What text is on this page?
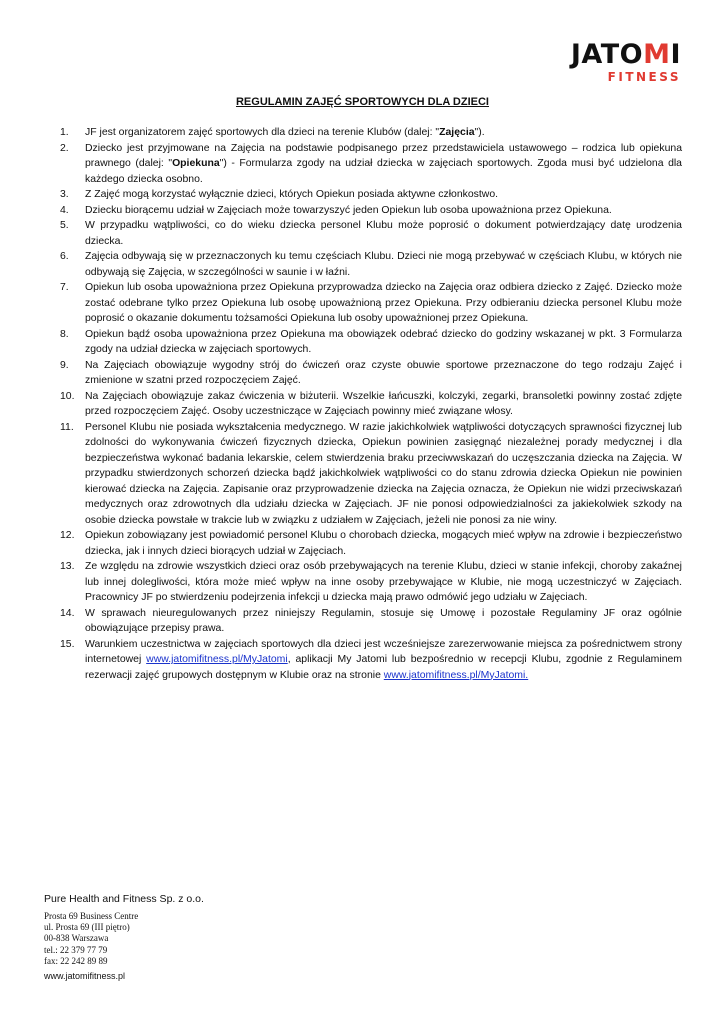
JATOMI
FITNESS
REGULAMIN ZAJĘĆ SPORTOWYCH DLA DZIECI
1. JF jest organizatorem zajęć sportowych dla dzieci na terenie Klubów (dalej: "Zajęcia").
2. Dziecko jest przyjmowane na Zajęcia na podstawie podpisanego przez przedstawiciela ustawowego – rodzica lub opiekuna prawnego (dalej: "Opiekuna") - Formularza zgody na udział dziecka w zajęciach sportowych. Zgoda musi być udzielona dla każdego dziecka osobno.
3. Z Zajęć mogą korzystać wyłącznie dzieci, których Opiekun posiada aktywne członkostwo.
4. Dziecku biorącemu udział w Zajęciach może towarzyszyć jeden Opiekun lub osoba upoważniona przez Opiekuna.
5. W przypadku wątpliwości, co do wieku dziecka personel Klubu może poprosić o dokument potwierdzający datę urodzenia dziecka.
6. Zajęcia odbywają się w przeznaczonych ku temu częściach Klubu. Dzieci nie mogą przebywać w częściach Klubu, w których nie odbywają się Zajęcia, w szczególności w saunie i w łaźni.
7. Opiekun lub osoba upoważniona przez Opiekuna przyprowadza dziecko na Zajęcia oraz odbiera dziecko z Zajęć. Dziecko może zostać odebrane tylko przez Opiekuna lub osobę upoważnioną przez Opiekuna. Przy odbieraniu dziecka personel Klubu może poprosić o okazanie dokumentu tożsamości Opiekuna lub osoby upoważnionej przez Opiekuna.
8. Opiekun bądź osoba upoważniona przez Opiekuna ma obowiązek odebrać dziecko do godziny wskazanej w pkt. 3 Formularza zgody na udział dziecka w zajęciach sportowych.
9. Na Zajęciach obowiązuje wygodny strój do ćwiczeń oraz czyste obuwie sportowe przeznaczone do tego rodzaju Zajęć i zmienione w szatni przed rozpoczęciem Zajęć.
10. Na Zajęciach obowiązuje zakaz ćwiczenia w biżuterii. Wszelkie łańcuszki, kolczyki, zegarki, bransoletki powinny zostać zdjęte przed rozpoczęciem Zajęć. Osoby uczestniczące w Zajęciach powinny mieć związane włosy.
11. Personel Klubu nie posiada wykształcenia medycznego. W razie jakichkolwiek wątpliwości dotyczących sprawności fizycznej lub zdolności do wykonywania ćwiczeń fizycznych dziecka, Opiekun powinien zasięgnąć niezależnej porady medycznej i dla bezpieczeństwa wykonać badania lekarskie, celem stwierdzenia braku przeciwwskazań do uczęszczania dziecka na Zajęcia. W przypadku stwierdzonych schorzeń dziecka bądź jakichkolwiek wątpliwości co do stanu zdrowia dziecka Opiekun nie powinien kierować dziecka na Zajęcia. Zapisanie oraz przyprowadzenie dziecka na Zajęcia oznacza, że Opiekun nie widzi przeciwskazań medycznych oraz zdrowotnych dla udziału dziecka w Zajęciach. JF nie ponosi odpowiedzialności za jakiekolwiek szkody na osobie dziecka powstałe w trakcie lub w związku z udziałem w Zajęciach, jeżeli nie ponosi za nie winy.
12. Opiekun zobowiązany jest powiadomić personel Klubu o chorobach dziecka, mogących mieć wpływ na zdrowie i bezpieczeństwo dziecka, jak i innych dzieci biorących udział w Zajęciach.
13. Ze względu na zdrowie wszystkich dzieci oraz osób przebywających na terenie Klubu, dzieci w stanie infekcji, choroby zakaźnej lub innej dolegliwości, która może mieć wpływ na inne osoby przebywające w Klubie, nie mogą uczestniczyć w Zajęciach. Pracownicy JF po stwierdzeniu podejrzenia infekcji u dziecka mają prawo odmówić jego udziału w Zajęciach.
14. W sprawach nieuregulowanych przez niniejszy Regulamin, stosuje się Umowę i pozostałe Regulaminy JF oraz ogólnie obowiązujące przepisy prawa.
15. Warunkiem uczestnictwa w zajęciach sportowych dla dzieci jest wcześniejsze zarezerwowanie miejsca za pośrednictwem strony internetowej www.jatomifitness.pl/MyJatomi, aplikacji My Jatomi lub bezpośrednio w recepcji Klubu, zgodnie z Regulaminem rezerwacji zajęć grupowych dostępnym w Klubie oraz na stronie www.jatomifitness.pl/MyJatomi.
Pure Health and Fitness Sp. z o.o.
Prosta 69 Business Centre
ul. Prosta 69 (III piętro)
00-838 Warszawa
tel.: 22 379 77 79
fax: 22 242 89 89
www.jatomifitness.pl
